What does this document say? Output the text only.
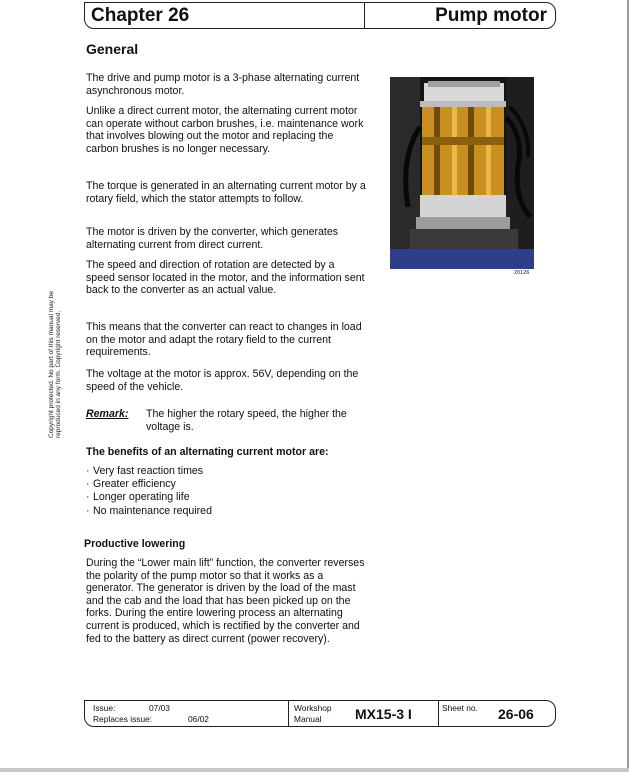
Chapter 26	Pump motor
General

The drive and pump motor is a 3-phase alternating current asynchronous motor.

Unlike a direct current motor, the alternating current motor can operate without carbon brushes, i.e. maintenance work that involves blowing out the motor and replacing the carbon brushes is no longer necessary.

The torque is generated in an alternating current motor by a rotary field, which the stator attempts to follow.

The motor is driven by the converter, which generates alternating current from direct current.

The speed and direction of rotation are detected by a speed sensor located in the motor, and the information sent back to the converter as an actual value.

This means that the converter can react to changes in load on the motor and adapt the rotary field to the current requirements.

The voltage at the motor is approx. 56V, depending on the speed of the vehicle.

20126
Copyright protected. No part of this manual may be reproduced in any form. Copyright reserved. Remark: The higher the rotary speed, the higher the voltage is.
The benefits of an alternating current motor are:
· Very fast reaction times
· Greater efficiency
· Longer operating life
· No maintenance required
Productive lowering

During the “Lower main lift” function, the converter reverses the polarity of the pump motor so that it works as a generator. The generator is driven by the load of the mast and the cab and the load that has been picked up on the forks. During the entire lowering process an alternating current is produced, which is rectified by the converter and fed to the battery as direct current (power recovery).

Issue:	07/03
Replaces issue:	06/02
Workshop
Manual MX15-3 I	Sheet no. 26-06
